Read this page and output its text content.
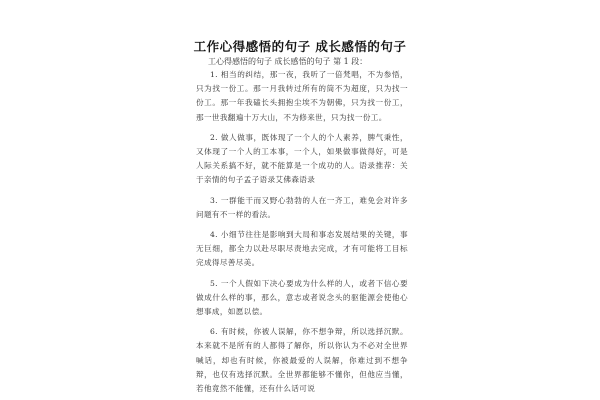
工作心得感悟的句子 成长感悟的句子

工心得感悟的句子 成长感悟的句子 第 1 段：

1. 相当的纠结，那一夜，我听了一倍梵唱，不为参悟，只为找一份工。那一月我转过所有的筒不为超度，只为找一份工。那一年我磕长头拥抱尘埃不为朝佛，只为找一份工，那一世我翻遍十万大山，不为修来世，只为找一份工。

2. 做人做事，既体现了一个人的个人素养，脾气秉性，又体现了一个人的工本事，一个人，如果做事做得好，可是人际关系搞不好，就不能算是一个成功的人。语录推荐：关于亲情的句子孟子语录艾佛森语录

3. 一群能干而又野心勃勃的人在一齐工，难免会对许多问题有不一样的看法。

4. 小细节往往是影响到大局和事态发展结果的关键，事无巨细，都全力以赴尽职尽责地去完成，才有可能将工目标完成得尽善尽美。

5. 一个人假如下决心要成为什么样的人，或者下信心要做成什么样的事，那么，意志或者说念头的驱能源会使他心想事成，如愿以偿。

6. 有时候，你被人误解，你不想争辩，所以选择沉默。本来就不是所有的人都得了解你，所以你认为不必对全世界喊话，却也有时候，你被最爱的人误解，你难过到不想争辩，也仅有选择沉默。全世界都能够不懂你，但他应当懂，若他竟然不能懂，还有什么话可说
